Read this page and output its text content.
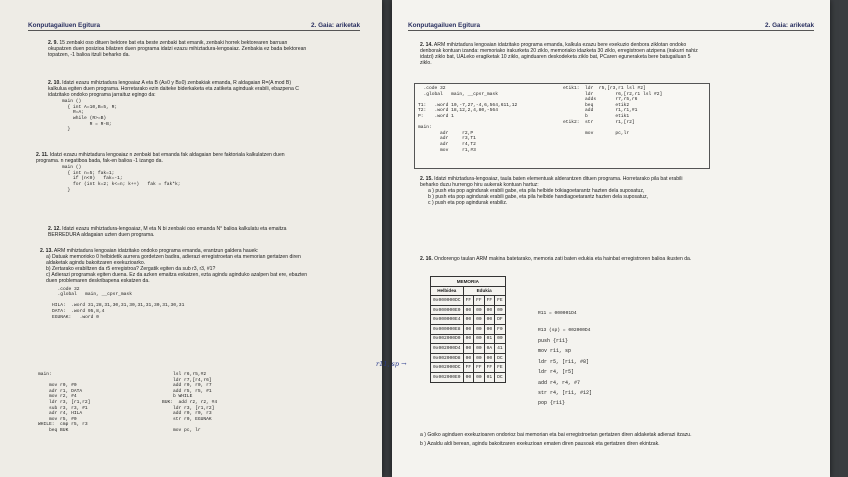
Konputagailuen Egitura	2. Gaia: ariketak
2. 9. 15 zenbaki oso dituen bektore bat eta beste zenbaki bat emanik, zenbaki horrek bektorearen barruan okupatzen duen posizioa bilatzen duen programa idatzi ezazu mihiztadura-lengoaiaz. Zenbakia ez bada bektorean topatzen, -1 balioa itzuli beharko da.
2. 10. Idatzi ezazu mihiztadura lengoaiaz A eta B (A≥0 y B≥0) zenbakiak emanda, R aldagaian R=(A mod B) kalkulua egiten duen programa. Horretarako ezin daiteke biderkaketa eta zatiketa aginduak erabili, ebazpena C idatzitako ondoko programa jarraituz egingo da:
main ()
{ int A=10,B=5, R;
R=A;
while (R>=B)
R = R-B;
}
2. 11. Idatzi ezazu mihiztadura lengoaiaz n zenbaki bat emanda fak aldagaian bere faktoriala kalkulatzen duen programa. n negatiboa bada, fak-en balioa -1 izango da.
main ()
{ int n=5; fak=1;
if (n<0)   fak=-1;
for (int k=2; k<=n; k++)   fak = fak*k;
}
2. 12. Idatzi ezazu mihiztadura-lengoaiaz, M eta N bi zenbaki oso emanda N° balioa kalkulatu eta emaitza BERREDURA aldagaian uzten duen programa.
2. 13. ARM mihiztadura lengoaian idatzitako ondoko programa emanda, erantzun galdera hauek:
a) Datuak memorioko 0 helbidetik aurrera gordetzen badira, adierazi erregistroetan eta memorian gertatzen diren aldaketak agindu bakoitzaren exekuzioarko.
b) Zertarako erabiltzen da r5 erregistroa? Zergatik egiten da sub r3, r3, #1?
c) Adierazi programak egiten duena. Ez da azken emaitza eskatzen, ezta agindu aginduko azalpen bat ere, ebazten duen problemaren deskribapena eskatzen da.
.code 32
.global   main, __cpsr_mask

HILA:  .word 31,28,31,30,31,30,31,31,30,31,30,31
DATA:  .word 95,8,4
EGUNAK:   .word 0
main:

mov r0, #0
adr r1, DATA
mov r2, #4
ldr r3, [r1,r2]
sub r3, r3, #1
adr r4, HILA
mov r5, #0
WHILE:  cmp r5, r3
beq BUK
lsl r6,r5,#2
ldr r7,[r4,r6]
add r0, r0, r7
add r5, r5, #1
b WHILE
BUK:  add r2, r2, #4
ldr r3, [r1,r2]
add r0, r0, r3
str r0, EGUNAK

mov pc, lr
Konputagailuen Egitura	2. Gaia: ariketak
2. 14. ARM mihiztadura lengoaian idatzitako programa emanda, kalkula ezazu bere exekuzio denbora ziklotan ondoko denborak kontuan izanda: memoriako irakurketa 20 ziklo, memoriako idazketa 30 ziklo, erregistroen atzipena (irakurri nahiz idatzi) ziklo bat, UALeko eragiketak 10 ziklo, aginduaren deskodeketa ziklo bat, PCaren eguneraketa bere batugailuan 5 ziklo.

.code 32
.global   main, __cpsr_mask

T1:   .word 10,-7,27,-4,6,564,611,12
T2:   .word 18,12,2,4,80,-564
P:    .word 1

main:
adr     r2,P
adr     r3,T1
adr     r4,T2
mov     r1,#3

etik1:  ldr  r5,[r3,r1 lsl #2]
ldr        r6,[r2,r1 lsl #2]
adds       r7,r5,r6
beq        etik2
add        r1,r1,#1
b          etik1
etik2:  str        r1,[r2]

mov        pc,lr

2. 15. Idatzi mihiztadura-lengoaiaz, taula baten elementuak alderantzen dituen programa. Horretarako pila bat erabili beharko duzu hurrengo hiru aukerak kontuan hartuz:
a ) push eta pop agindurak erabili gabe, eta pila helbide txikiagoetarantz hazten dela suposatuz,
b ) push eta pop agindurak erabili gabe, eta pila helbide handiagoetarantz hazten dela suposatuz,
c ) push eta pop agindurak erabiliz.
2. 16. Ondorengo taulan ARM makina batetarako, memoria zati baten edukia eta hainbat erregistroren balioa ikusten da.
MEMORIA				
Helbidea	Edukia			
0x000000DC	FF	FF	FF	FE
0x000000E0	00	00	00	00
0x000000E4	00	00	00	DF
0x000000E8	00	00	00	F0
0x002000D0	00	00	01	00
0x002000D4	00	00	0A	41
0x002000D8	00	00	00	DC
0x002000DC	FF	FF	FF	FE
0x002000E0	00	00	01	DC

R11 = 000001D4

R13 (sp) = 002000D4

push {r11}
mov r11, sp
ldr r5, [r11, #8]
ldr r4, [r5]
add r4, r4, #7
str r4, [r11, #12]
pop {r11}
a ) Goiko aginduen exekuzioaren ondorioz bai memorian eta bai erregistroetan gertatzen diren aldaketak adierazi itzazu.
b ) Azaldu aldi berean, agindu bakoitzaren exekuzioan ematen diren pausoak eta gertatzen diren ekintzak.
r11, sp →
